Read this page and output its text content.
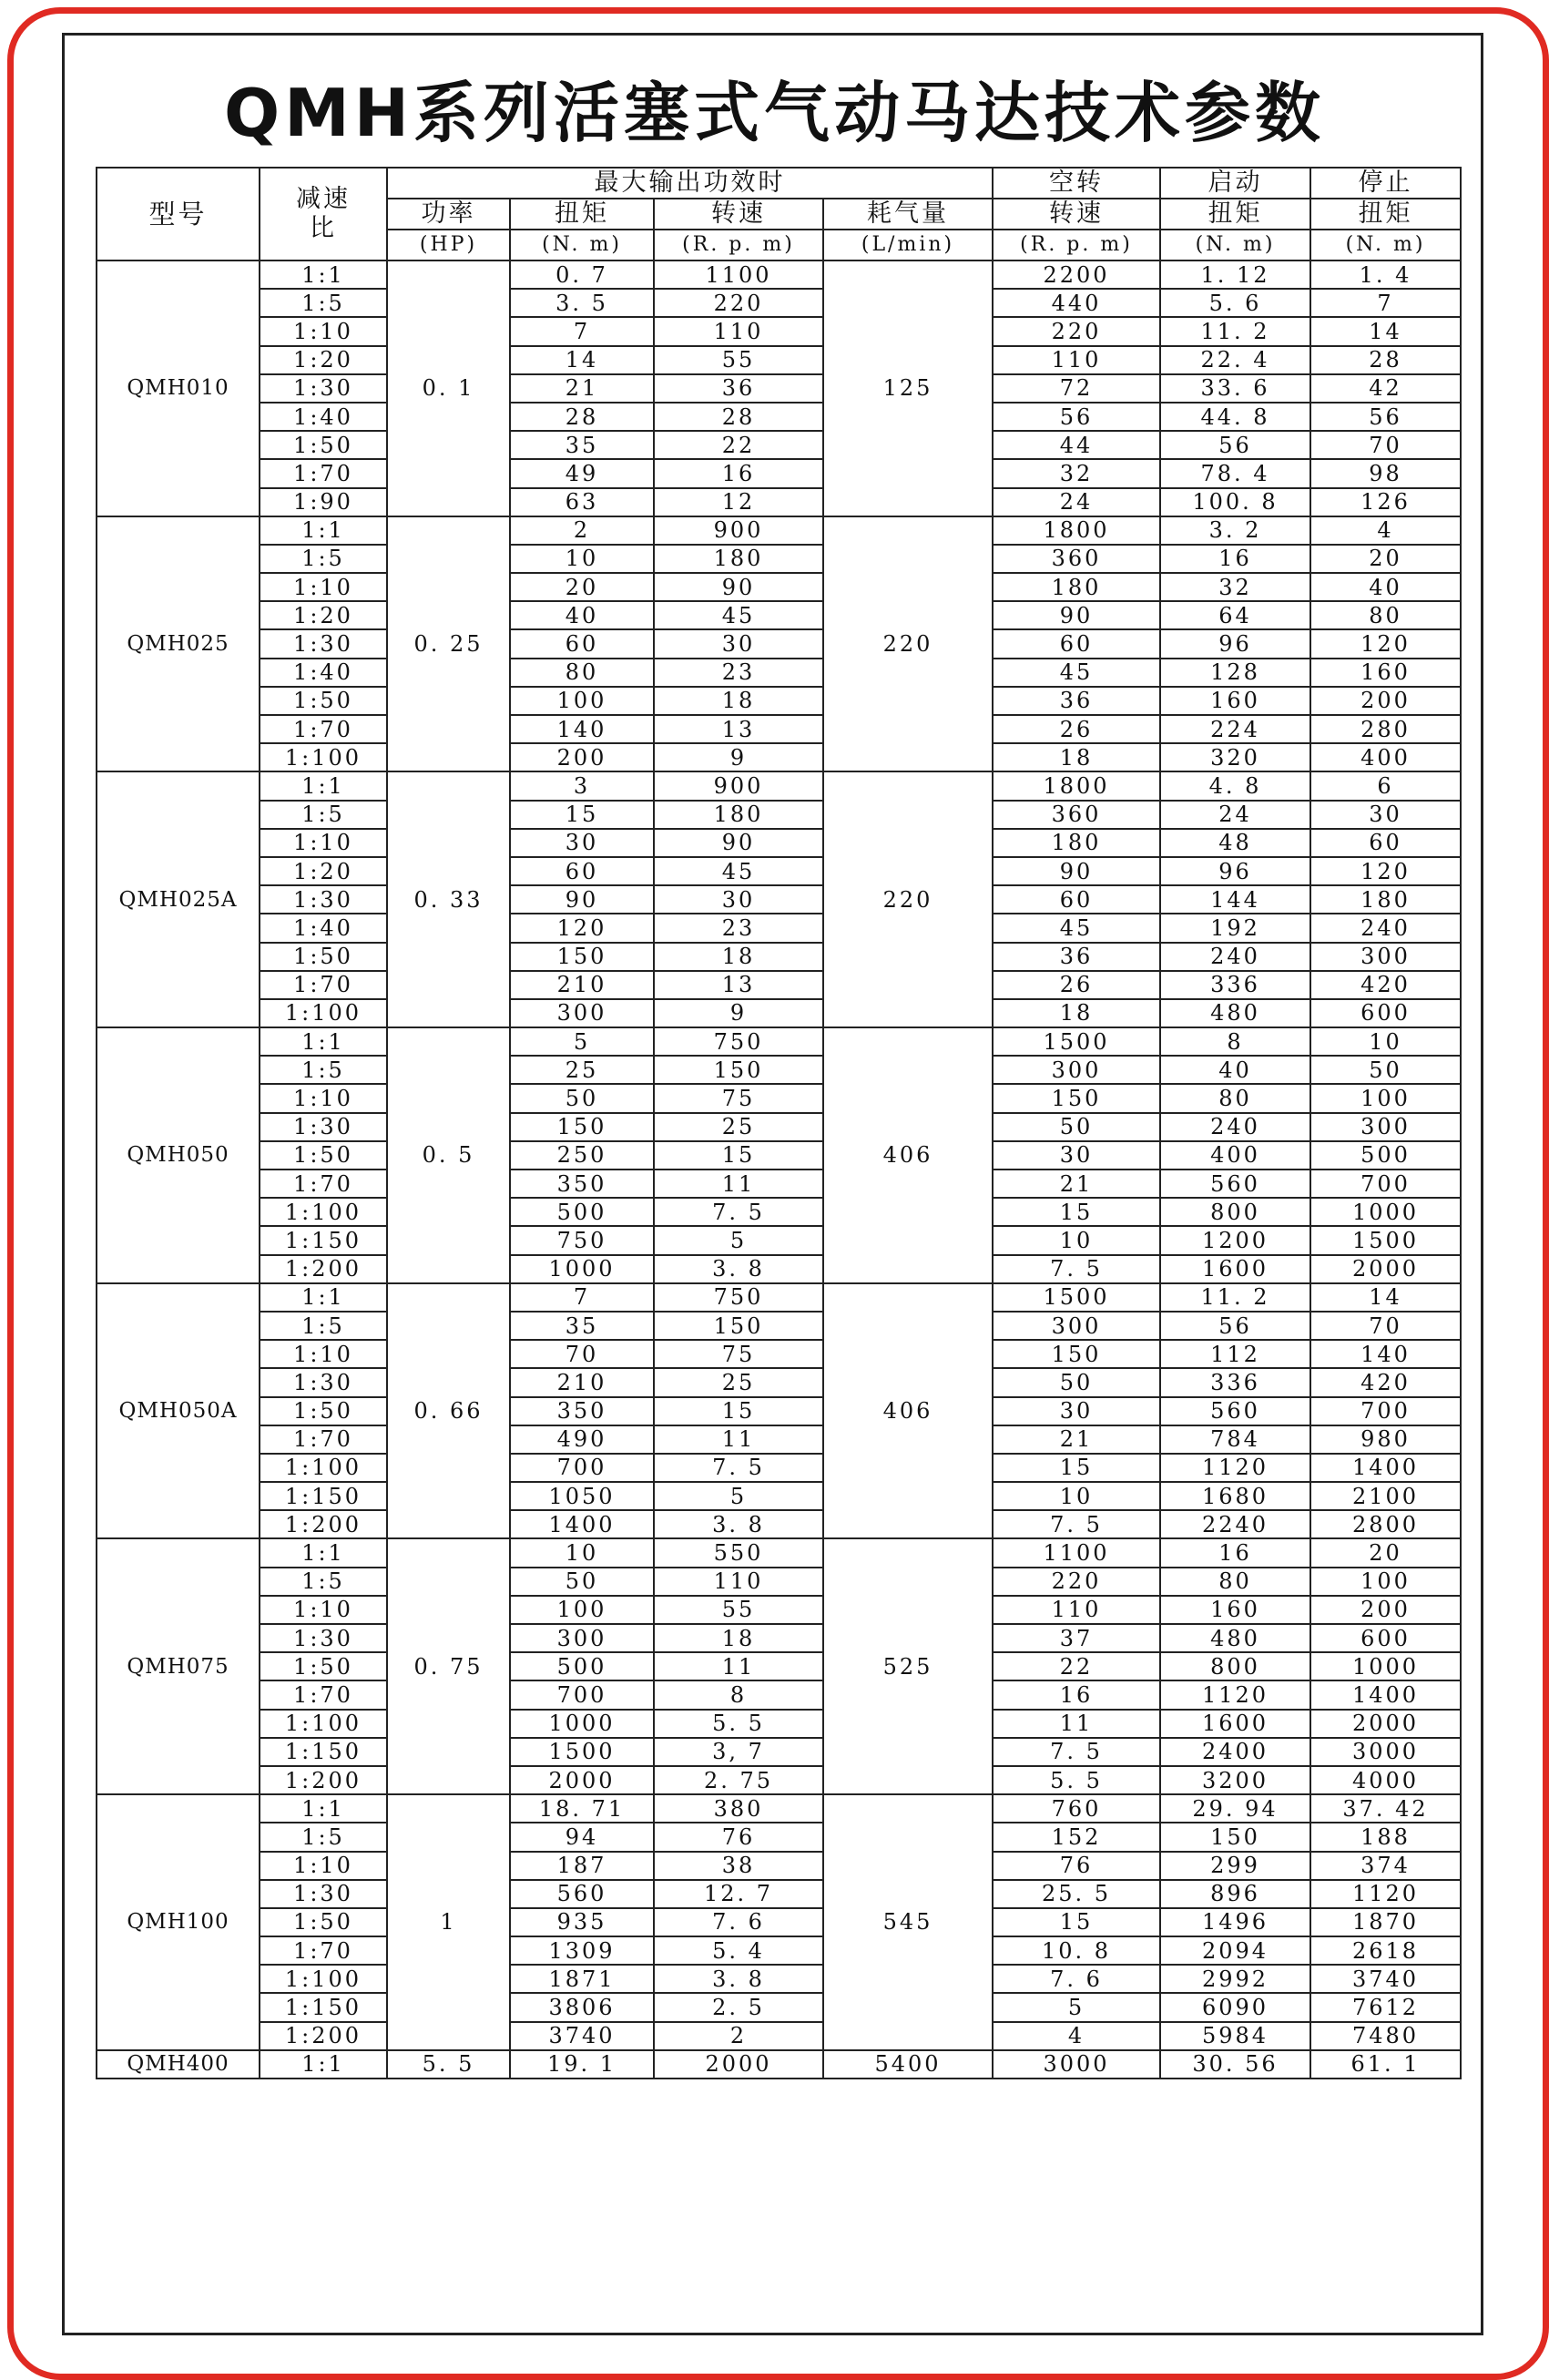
QMH系列活塞式气动马达技术参数
型号	减速比	最大输出功效时				空转	启动	停止
		功率	扭矩	转速	耗气量	转速	扭矩	扭矩
		(HP)	(N. m)	(R. p. m)	(L/min)	(R. p. m)	(N. m)	(N. m)
QMH010	1:1	0. 1	0. 7	1100	125	2200	1. 12	1. 4
	1:5		3. 5	220		440	5. 6	7
	1:10		7	110		220	11. 2	14
	1:20		14	55		110	22. 4	28
	1:30		21	36		72	33. 6	42
	1:40		28	28		56	44. 8	56
	1:50		35	22		44	56	70
	1:70		49	16		32	78. 4	98
	1:90		63	12		24	100. 8	126
QMH025	1:1	0. 25	2	900	220	1800	3. 2	4
	1:5		10	180		360	16	20
	1:10		20	90		180	32	40
	1:20		40	45		90	64	80
	1:30		60	30		60	96	120
	1:40		80	23		45	128	160
	1:50		100	18		36	160	200
	1:70		140	13		26	224	280
	1:100		200	9		18	320	400
QMH025A	1:1	0. 33	3	900	220	1800	4. 8	6
	1:5		15	180		360	24	30
	1:10		30	90		180	48	60
	1:20		60	45		90	96	120
	1:30		90	30		60	144	180
	1:40		120	23		45	192	240
	1:50		150	18		36	240	300
	1:70		210	13		26	336	420
	1:100		300	9		18	480	600
QMH050	1:1	0. 5	5	750	406	1500	8	10
	1:5		25	150		300	40	50
	1:10		50	75		150	80	100
	1:30		150	25		50	240	300
	1:50		250	15		30	400	500
	1:70		350	11		21	560	700
	1:100		500	7. 5		15	800	1000
	1:150		750	5		10	1200	1500
	1:200		1000	3. 8		7. 5	1600	2000
QMH050A	1:1	0. 66	7	750	406	1500	11. 2	14
	1:5		35	150		300	56	70
	1:10		70	75		150	112	140
	1:30		210	25		50	336	420
	1:50		350	15		30	560	700
	1:70		490	11		21	784	980
	1:100		700	7. 5		15	1120	1400
	1:150		1050	5		10	1680	2100
	1:200		1400	3. 8		7. 5	2240	2800
QMH075	1:1	0. 75	10	550	525	1100	16	20
	1:5		50	110		220	80	100
	1:10		100	55		110	160	200
	1:30		300	18		37	480	600
	1:50		500	11		22	800	1000
	1:70		700	8		16	1120	1400
	1:100		1000	5. 5		11	1600	2000
	1:150		1500	3, 7		7. 5	2400	3000
	1:200		2000	2. 75		5. 5	3200	4000
QMH100	1:1	1	18. 71	380	545	760	29. 94	37. 42
	1:5		94	76		152	150	188
	1:10		187	38		76	299	374
	1:30		560	12. 7		25. 5	896	1120
	1:50		935	7. 6		15	1496	1870
	1:70		1309	5. 4		10. 8	2094	2618
	1:100		1871	3. 8		7. 6	2992	3740
	1:150		3806	2. 5		5	6090	7612
	1:200		3740	2		4	5984	7480
QMH400	1:1	5. 5	19. 1	2000	5400	3000	30. 56	61. 1
